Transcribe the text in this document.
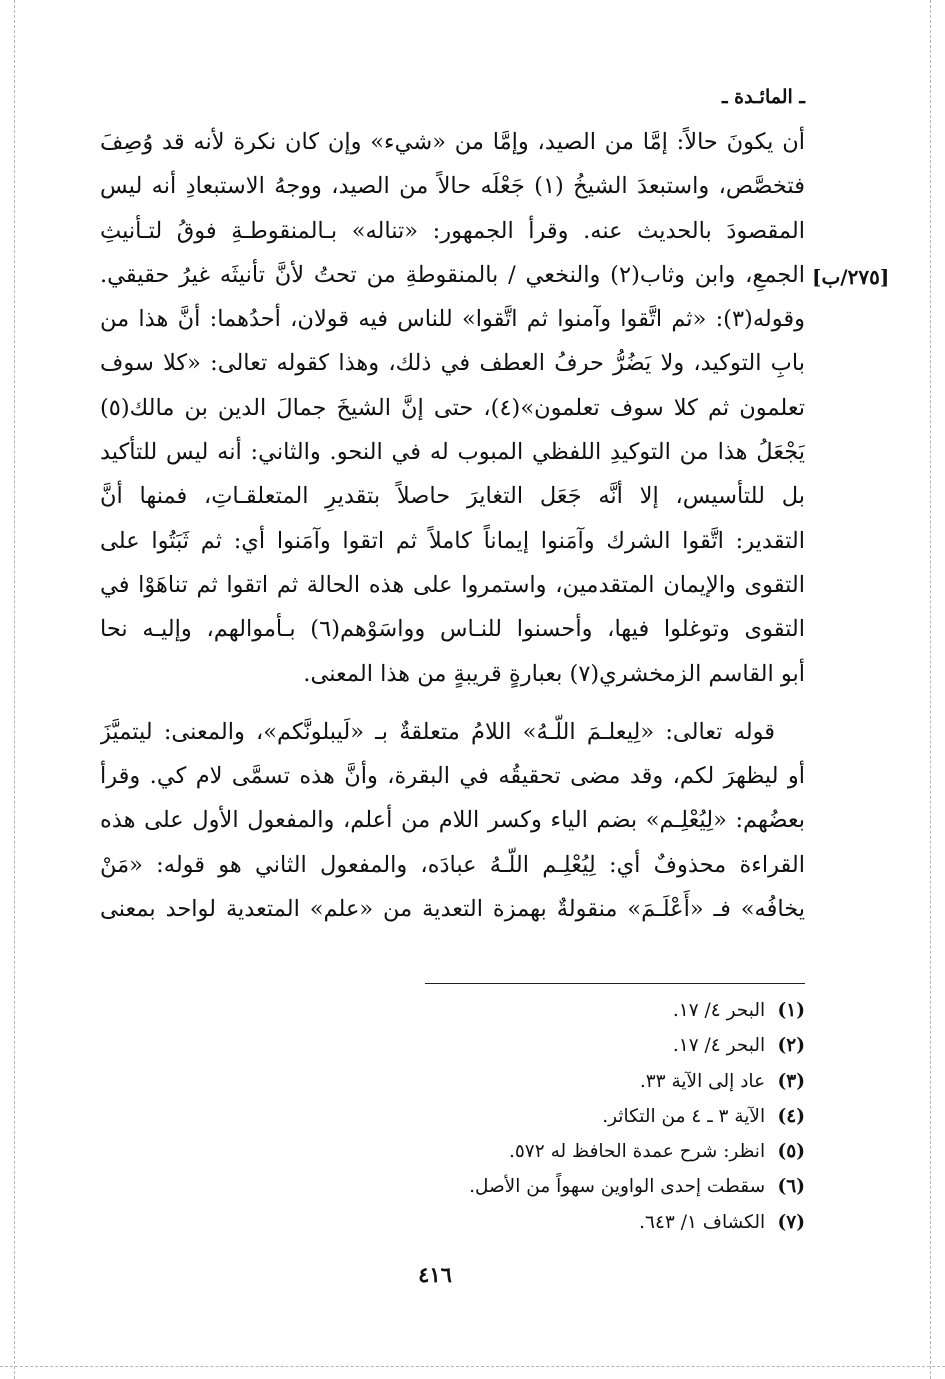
ـ المائـدة ـ
[٢٧٥/ب]
أن يكونَ حالاً: إمَّا من الصيد، وإمَّا من «شيء» وإن كان نكرة لأنه قد وُصِفَ
فتخصَّص، واستبعدَ الشيخُ (١) جَعْلَه حالاً من الصيد، ووجهُ الاستبعادِ أنه ليس
المقصودَ بالحديث عنه. وقرأ الجمهور: «تناله» بـالمنقوطـةِ فوقُ لتـأنيثِ
الجمعِ، وابن وثاب(٢) والنخعي / بالمنقوطةِ من تحتُ لأنَّ تأنيثَه غيرُ حقيقي.
وقوله(٣): «ثم اتَّقوا وآمنوا ثم اتَّقوا» للناس فيه قولان، أحدُهما: أنَّ هذا من
بابِ التوكيد، ولا يَضُرُّ حرفُ العطف في ذلك، وهذا كقوله تعالى: «كلا سوف
تعلمون ثم كلا سوف تعلمون»(٤)، حتى إنَّ الشيخَ جمالَ الدين بن مالك(٥)
يَجْعَلُ هذا من التوكيدِ اللفظي المبوب له في النحو. والثاني: أنه ليس للتأكيد
بل للتأسيس، إلا أنَّه جَعَل التغايرَ حاصلاً بتقديرِ المتعلقـاتِ، فمنها أنَّ
التقدير: اتَّقوا الشرك وآمَنوا إيماناً كاملاً ثم اتقوا وآمَنوا أي: ثم ثَبَتُوا على
التقوى والإيمان المتقدمين، واستمروا على هذه الحالة ثم اتقوا ثم تناهَوْا في
التقوى وتوغلوا فيها، وأحسنوا للنـاس وواسَوْهم(٦) بـأموالهم، وإليـه نحا
أبو القاسم الزمخشري(٧) بعبارةٍ قريبةٍ من هذا المعنى.
قوله تعالى: «لِيعلـمَ اللّـهُ» اللامُ متعلقةٌ بـ «لَيبلونَّكم»، والمعنى: ليتميَّزَ
أو ليظهرَ لكم، وقد مضى تحقيقُه في البقرة، وأنَّ هذه تسمَّى لام كي. وقرأ
بعضُهم: «لِيُعْلِـم» بضم الياء وكسر اللام من أعلم، والمفعول الأول على هذه
القراءة محذوفٌ أي: لِيُعْلِـم اللّـهُ عبادَه، والمفعول الثاني هو قوله: «مَنْ
يخافُه» فـ «أَعْلَـمَ» منقولةٌ بهمزة التعدية من «علم» المتعدية لواحد بمعنى
(١) البحر ٤/ ١٧.
(٢) البحر ٤/ ١٧.
(٣) عاد إلى الآية ٣٣.
(٤) الآية ٣ ـ ٤ من التكاثر.
(٥) انظر: شرح عمدة الحافظ له ٥٧٢.
(٦) سقطت إحدى الواوين سهواً من الأصل.
(٧) الكشاف ١/ ٦٤٣.
٤١٦
